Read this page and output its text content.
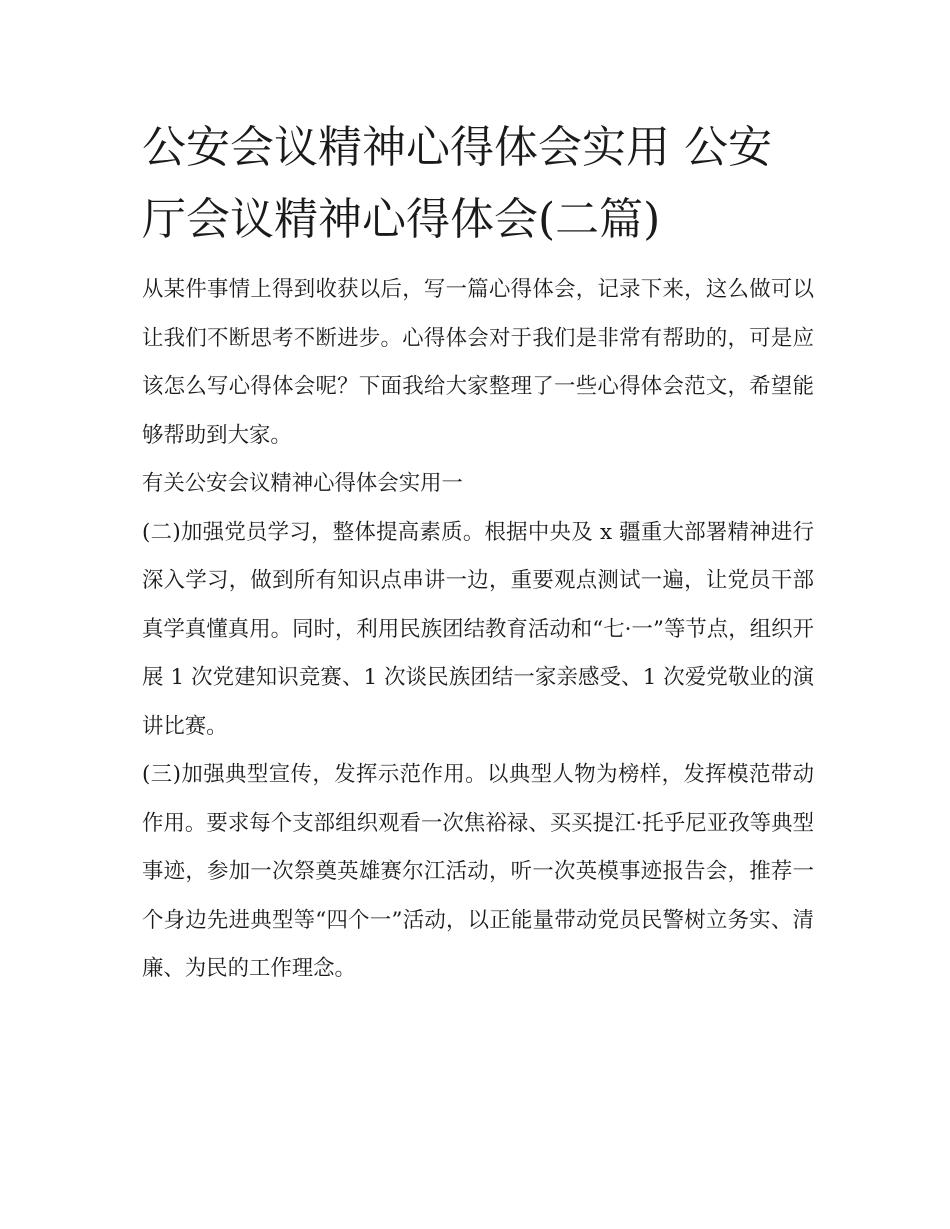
公安会议精神心得体会实用 公安厅会议精神心得体会(二篇)

从某件事情上得到收获以后，写一篇心得体会，记录下来，这么做可以让我们不断思考不断进步。心得体会对于我们是非常有帮助的，可是应该怎么写心得体会呢？下面我给大家整理了一些心得体会范文，希望能够帮助到大家。

有关公安会议精神心得体会实用一

(二)加强党员学习，整体提高素质。根据中央及 x 疆重大部署精神进行深入学习，做到所有知识点串讲一边，重要观点测试一遍，让党员干部真学真懂真用。同时，利用民族团结教育活动和“七·一”等节点，组织开展 1 次党建知识竞赛、1 次谈民族团结一家亲感受、1 次爱党敬业的演讲比赛。

(三)加强典型宣传，发挥示范作用。以典型人物为榜样，发挥模范带动作用。要求每个支部组织观看一次焦裕禄、买买提江·托乎尼亚孜等典型事迹，参加一次祭奠英雄赛尔江活动，听一次英模事迹报告会，推荐一个身边先进典型等“四个一”活动，以正能量带动党员民警树立务实、清廉、为民的工作理念。
